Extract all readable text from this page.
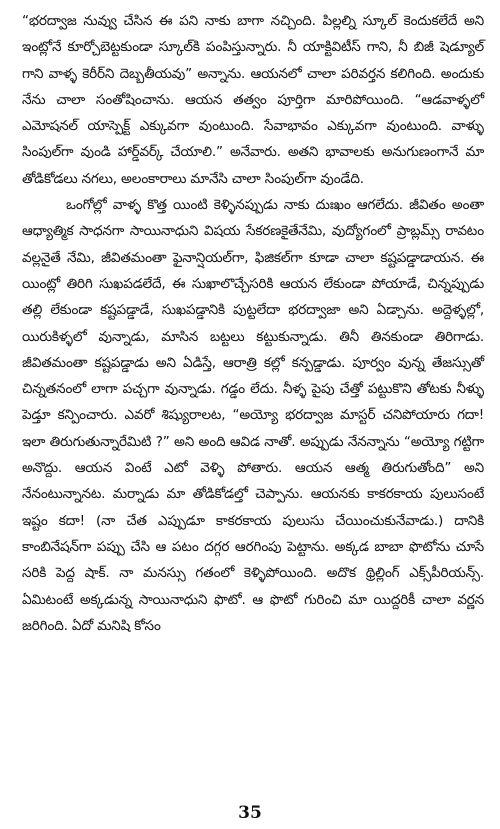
“భరద్వాజ నువ్వు చేసిన ఈ పని నాకు బాగా నచ్చింది. పిల్లల్ని స్కూల్ కెందుకలేదే అని ఇంట్లోనే కూర్చోబెట్టకుండా స్కూల్‌కి పంపిస్తున్నారు. నీ యాక్టివిటీస్ గాని, నీ బిజీ షెడ్యూల్ గాని వాళ్ళ కెరీర్‌ని దెబ్బతీయవు” అన్నాను. ఆయనలో చాలా పరివర్తన కలిగింది. అందుకు నేను చాలా సంతోషించాను. ఆయన తత్వం పూర్తిగా మారిపోయింది. “ఆడవాళ్ళలో ఎమోషనల్ యాస్పెక్ట్ ఎక్కువగా వుంటుంది. సేవాభావం ఎక్కువగా వుంటుంది. వాళ్ళు సింపుల్‌గా వుండి హార్డ్‌వర్క్ చేయాలి.” అనేవారు. అతని భావాలకు అనుగుణంగానే మా తోడికోడలు నగలు, అలంకారాలు మానేసి చాలా సింపుల్‌గా వుండేది.

ఒంగోల్లో వాళ్ళ కొత్త యింటి కెళ్ళినప్పుడు నాకు దుఃఖం ఆగలేదు. జీవితం అంతా ఆధ్యాత్మిక సాధనగా సాయినాధుని విషయ సేకరణకైతేనేమి, వుద్యోగంలో ప్రాబ్లమ్స్ రావటం వల్లనైతే నేమి, జీవితమంతా ఫైనాన్షియల్‌గా, ఫిజికల్‌గా కూడా చాలా కష్టపడ్డాడాయన. ఈ యింట్లో తిరిగి సుఖపడలేదే, ఈ సుఖాలొచ్చేసరికి ఆయన లేకుండా పోయాడే, చిన్నప్పుడు తల్లి లేకుండా కష్టపడ్డాడే, సుఖపడ్డానికి పుట్టలేదా భరద్వాజా అని ఏడ్చాను. అద్దెళ్ళల్లో, యిరుకిళ్ళలో వున్నాడు, మాసిన బట్టలు కట్టుకున్నాడు. తినీ తినకుండా తిరిగాడు. జీవితమంతా కష్టపడ్డాడు అని ఏడిస్తే, ఆరాత్రి కల్లో కన్పడ్డాడు. పూర్వం వున్న తేజస్సుతో చిన్నతనంలో లాగా పచ్చగా వున్నాడు. గడ్డం లేదు. నీళ్ళ పైపు చేత్తో పట్టుకొని తోటకు నీళ్ళు పెడ్తూ కన్పించారు. ఎవరో శిష్యురాలట, “అయ్యో భరద్వాజ మాస్టర్ చనిపోయారు గదా! ఇలా తిరుగుతున్నారేమిటి ?” అని అంది ఆవిడ నాతో. అప్పుడు నేనన్నాను “అయ్యో గట్టిగా అనొద్దు. ఆయన వింటే ఎటో వెళ్ళి పోతారు. ఆయన ఆత్మ తిరుగుతోంది” అని నేనంటున్నానట. మర్నాడు మా తోడికోడల్తో చెప్పాను. ఆయనకు కాకరకాయ పులుసంటే ఇష్టం కదా! (నా చేత ఎప్పుడూ కాకరకాయ పులుసు చేయించుకునేవాడు.) దానికి కాంబినేషన్‌గా పప్పు చేసి ఆ పటం దగ్గర ఆరగింపు పెట్టాను. అక్కడ బాబా ఫొటోను చూసే సరికి పెద్ద షాక్. నా మనస్సు గతంలో కెళ్ళిపోయింది. అదొక థ్రిల్లింగ్ ఎక్స్‌పీరియన్స్. ఏమిటంటే అక్కడున్న సాయినాధుని ఫొటో. ఆ ఫొటో గురించి మా యిద్దరికీ చాలా వర్ణన జరిగింది. ఏదో మనిషి కోసం

35
